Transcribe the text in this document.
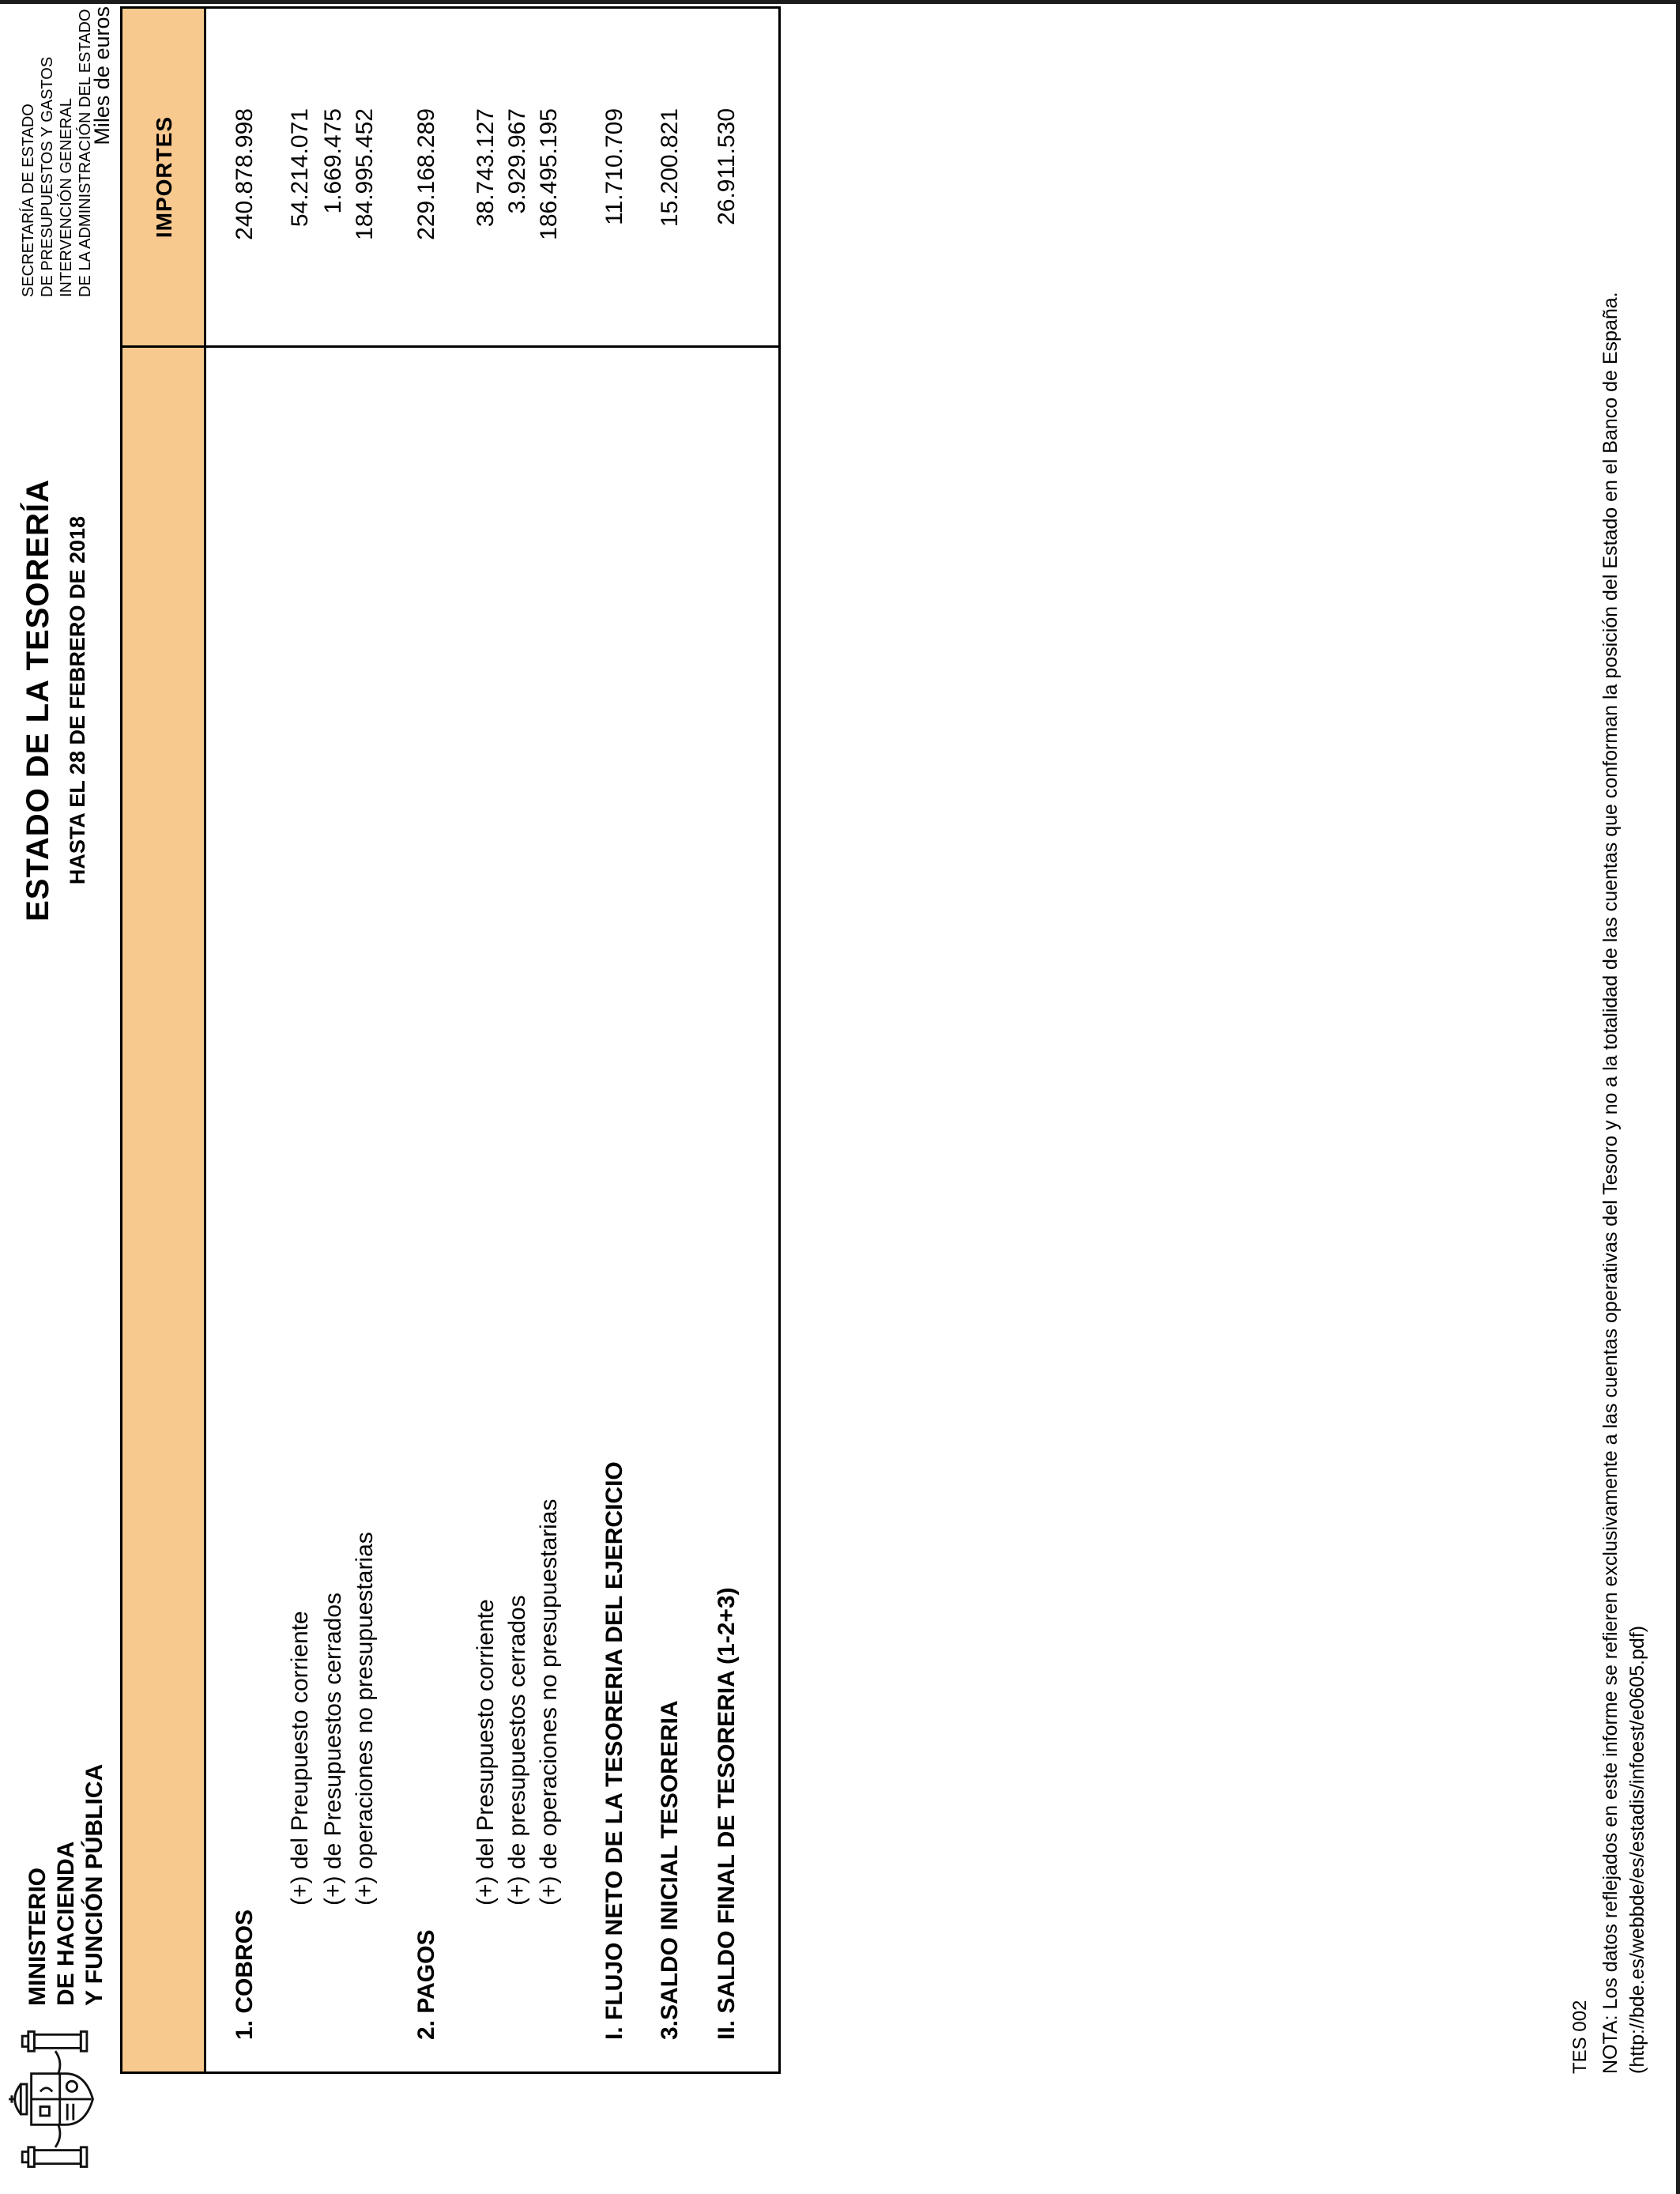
MINISTERIO DE HACIENDA Y FUNCIÓN PÚBLICA
ESTADO DE LA TESORERÍA HASTA EL 28 DE FEBRERO DE 2018
SECRETARÍA DE ESTADO DE PRESUPUESTOS Y GASTOS INTERVENCIÓN GENERAL DE LA ADMINISTRACIÓN DEL ESTADO
Miles de euros
IMPORTES
1. COBROS
240.878.998
(+) del Preupuesto corriente
54.214.071
(+) de Presupuestos cerrados
1.669.475
(+) operaciones no presupuestarias
184.995.452
2. PAGOS
229.168.289
(+) del Presupuesto corriente
38.743.127
(+) de presupuestos cerrados
3.929.967
(+) de operaciones no presupuestarias
186.495.195
I. FLUJO NETO DE LA TESORERIA DEL EJERCICIO
11.710.709
3.SALDO INICIAL TESORERIA
15.200.821
II. SALDO FINAL DE TESORERIA (1-2+3)
26.911.530
TES 002 NOTA: Los datos reflejados en este informe se refieren exclusivamente a las cuentas operativas del Tesoro y no a la totalidad de las cuentas que conforman la posición del Estado en el Banco de España. (http://bde.es/webbde/es/estadis/infoest/e0605.pdf)
